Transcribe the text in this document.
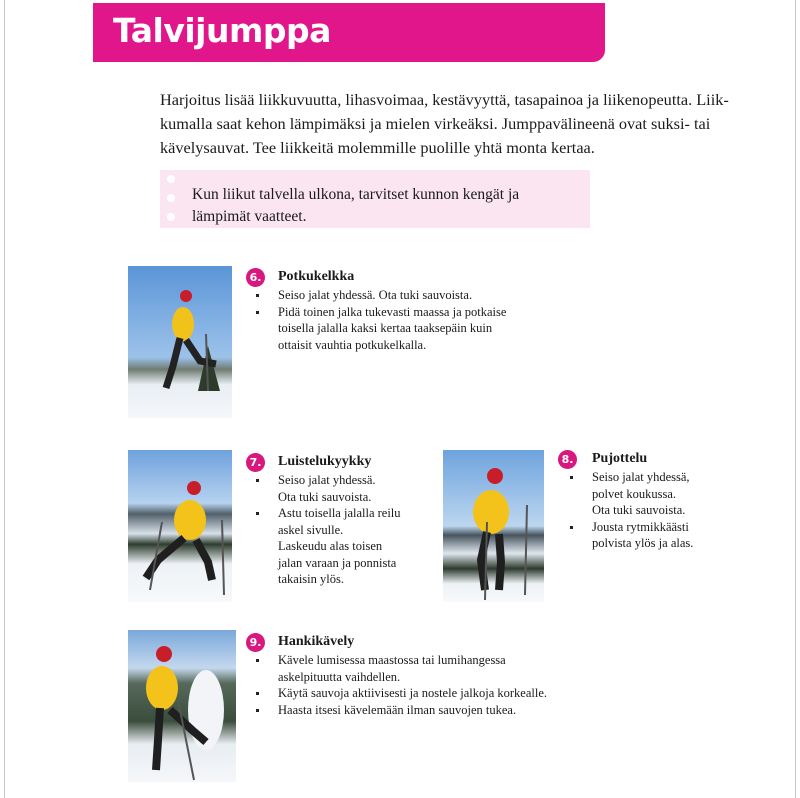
Talvijumppa
Harjoitus lisää liikkuvuutta, lihasvoimaa, kestävyyttä, tasapainoa ja liikenopeutta. Liik-
kumalla saat kehon lämpimäksi ja mielen virkeäksi. Jumppavälineenä ovat suksi- tai
kävelysauvat. Tee liikkeitä molemmille puolille yhtä monta kertaa.
Kun liikut talvella ulkona, tarvitset kunnon kengät ja
lämpimät vaatteet.
6. Potkukelkka
Seiso jalat yhdessä. Ota tuki sauvoista.
Pidä toinen jalka tukevasti maassa ja potkaise
toisella jalalla kaksi kertaa taaksepäin kuin
ottaisit vauhtia potkukelkalla.
7. Luistelukyykky
Seiso jalat yhdessä.
Ota tuki sauvoista.
Astu toisella jalalla reilu
askel sivulle.
Laskeudu alas toisen
jalan varaan ja ponnista
takaisin ylös.
8. Pujottelu
Seiso jalat yhdessä,
polvet koukussa.
Ota tuki sauvoista.
Jousta rytmikkäästi
polvista ylös ja alas.
9. Hankikävely
Kävele lumisessa maastossa tai lumihangessa
askelpituutta vaihdellen.
Käytä sauvoja aktiivisesti ja nostele jalkoja korkealle.
Haasta itsesi kävelemään ilman sauvojen tukea.
